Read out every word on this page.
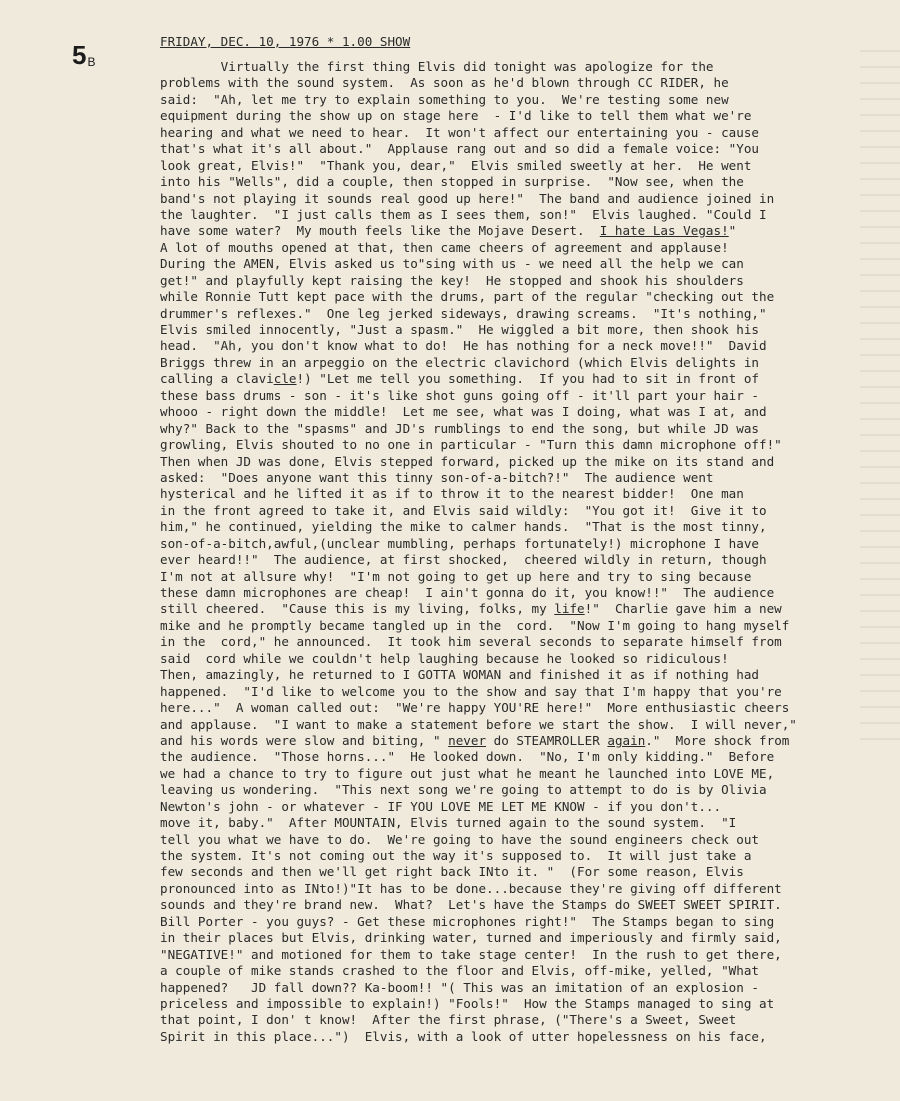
5B
FRIDAY, DEC. 10, 1976 * 1.00 SHOW
Virtually the first thing Elvis did tonight was apologize for the
problems with the sound system.  As soon as he'd blown through CC RIDER, he
said:  "Ah, let me try to explain something to you.  We're testing some new
equipment during the show up on stage here  - I'd like to tell them what we're
hearing and what we need to hear.  It won't affect our entertaining you - cause
that's what it's all about."  Applause rang out and so did a female voice: "You
look great, Elvis!"  "Thank you, dear,"  Elvis smiled sweetly at her.  He went
into his "Wells", did a couple, then stopped in surprise.  "Now see, when the
band's not playing it sounds real good up here!"  The band and audience joined in
the laughter.  "I just calls them as I sees them, son!"  Elvis laughed. "Could I
have some water?  My mouth feels like the Mojave Desert.  I hate Las Vegas!"
A lot of mouths opened at that, then came cheers of agreement and applause!
During the AMEN, Elvis asked us to"sing with us - we need all the help we can
get!" and playfully kept raising the key!  He stopped and shook his shoulders
while Ronnie Tutt kept pace with the drums, part of the regular "checking out the
drummer's reflexes."  One leg jerked sideways, drawing screams.  "It's nothing,"
Elvis smiled innocently, "Just a spasm."  He wiggled a bit more, then shook his
head.  "Ah, you don't know what to do!  He has nothing for a neck move!!"  David
Briggs threw in an arpeggio on the electric clavichord (which Elvis delights in
calling a clavicle!) "Let me tell you something.  If you had to sit in front of
these bass drums - son - it's like shot guns going off - it'll part your hair -
whooo - right down the middle!  Let me see, what was I doing, what was I at, and
why?" Back to the "spasms" and JD's rumblings to end the song, but while JD was
growling, Elvis shouted to no one in particular - "Turn this damn microphone off!"
Then when JD was done, Elvis stepped forward, picked up the mike on its stand and
asked:  "Does anyone want this tinny son-of-a-bitch?!"  The audience went
hysterical and he lifted it as if to throw it to the nearest bidder!  One man
in the front agreed to take it, and Elvis said wildly:  "You got it!  Give it to
him," he continued, yielding the mike to calmer hands.  "That is the most tinny,
son-of-a-bitch,awful,(unclear mumbling, perhaps fortunately!) microphone I have
ever heard!!"  The audience, at first shocked,  cheered wildly in return, though
I'm not at allsure why!  "I'm not going to get up here and try to sing because
these damn microphones are cheap!  I ain't gonna do it, you know!!"  The audience
still cheered.  "Cause this is my living, folks, my life!"  Charlie gave him a new
mike and he promptly became tangled up in the  cord.  "Now I'm going to hang myself
in the  cord," he announced.  It took him several seconds to separate himself from
said  cord while we couldn't help laughing because he looked so ridiculous!
Then, amazingly, he returned to I GOTTA WOMAN and finished it as if nothing had
happened.  "I'd like to welcome you to the show and say that I'm happy that you're
here..."  A woman called out:  "We're happy YOU'RE here!"  More enthusiastic cheers
and applause.  "I want to make a statement before we start the show.  I will never,"
and his words were slow and biting, " never do STEAMROLLER again."  More shock from
the audience.  "Those horns..."  He looked down.  "No, I'm only kidding."  Before
we had a chance to try to figure out just what he meant he launched into LOVE ME,
leaving us wondering.  "This next song we're going to attempt to do is by Olivia
Newton's john - or whatever - IF YOU LOVE ME LET ME KNOW - if you don't...
move it, baby."  After MOUNTAIN, Elvis turned again to the sound system.  "I
tell you what we have to do.  We're going to have the sound engineers check out
the system. It's not coming out the way it's supposed to.  It will just take a
few seconds and then we'll get right back INto it. "  (For some reason, Elvis
pronounced into as INto!)"It has to be done...because they're giving off different
sounds and they're brand new.  What?  Let's have the Stamps do SWEET SWEET SPIRIT.
Bill Porter - you guys? - Get these microphones right!"  The Stamps began to sing
in their places but Elvis, drinking water, turned and imperiously and firmly said,
"NEGATIVE!" and motioned for them to take stage center!  In the rush to get there,
a couple of mike stands crashed to the floor and Elvis, off-mike, yelled, "What
happened?   JD fall down?? Ka-boom!! "( This was an imitation of an explosion -
priceless and impossible to explain!) "Fools!"  How the Stamps managed to sing at
that point, I don' t know!  After the first phrase, ("There's a Sweet, Sweet
Spirit in this place...")  Elvis, with a look of utter hopelessness on his face,
